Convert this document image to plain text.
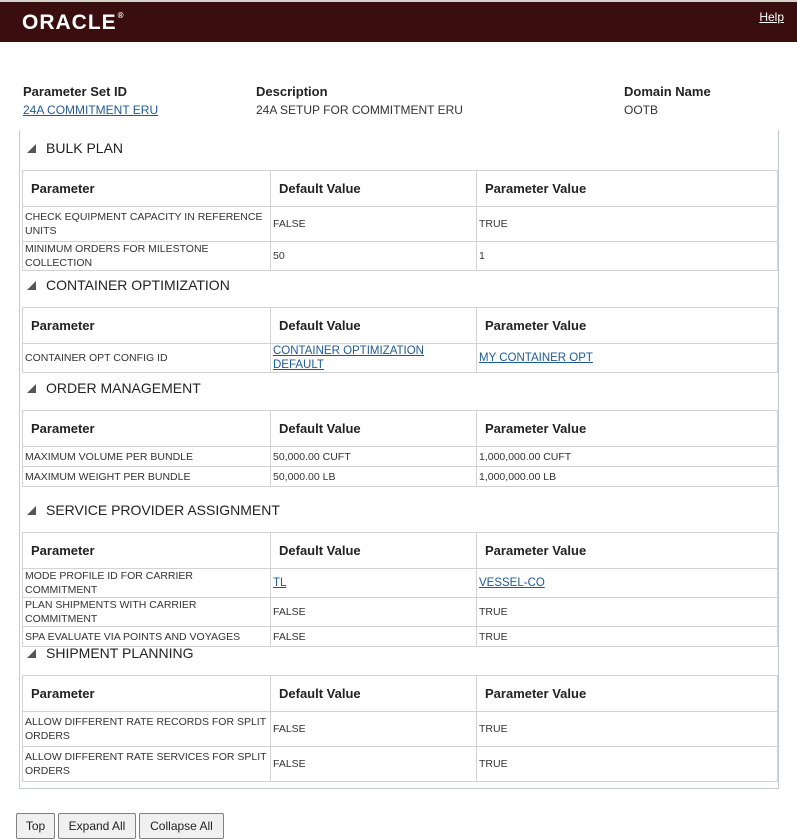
ORACLE®	Help
Parameter Set ID
24A COMMITMENT ERU
Description
24A SETUP FOR COMMITMENT ERU
Domain Name
OOTB
BULK PLAN
Parameter	Default Value	Parameter Value
CHECK EQUIPMENT CAPACITY IN REFERENCE UNITS	FALSE	TRUE
MINIMUM ORDERS FOR MILESTONE COLLECTION	50	1
CONTAINER OPTIMIZATION
Parameter	Default Value	Parameter Value
CONTAINER OPT CONFIG ID	CONTAINER OPTIMIZATION DEFAULT	MY CONTAINER OPT
ORDER MANAGEMENT
Parameter	Default Value	Parameter Value
MAXIMUM VOLUME PER BUNDLE	50,000.00 CUFT	1,000,000.00 CUFT
MAXIMUM WEIGHT PER BUNDLE	50,000.00 LB	1,000,000.00 LB
SERVICE PROVIDER ASSIGNMENT
Parameter	Default Value	Parameter Value
MODE PROFILE ID FOR CARRIER COMMITMENT	TL	VESSEL-CO
PLAN SHIPMENTS WITH CARRIER COMMITMENT	FALSE	TRUE
SPA EVALUATE VIA POINTS AND VOYAGES	FALSE	TRUE
SHIPMENT PLANNING
Parameter	Default Value	Parameter Value
ALLOW DIFFERENT RATE RECORDS FOR SPLIT ORDERS	FALSE	TRUE
ALLOW DIFFERENT RATE SERVICES FOR SPLIT ORDERS	FALSE	TRUE
Top	Expand All	Collapse All
